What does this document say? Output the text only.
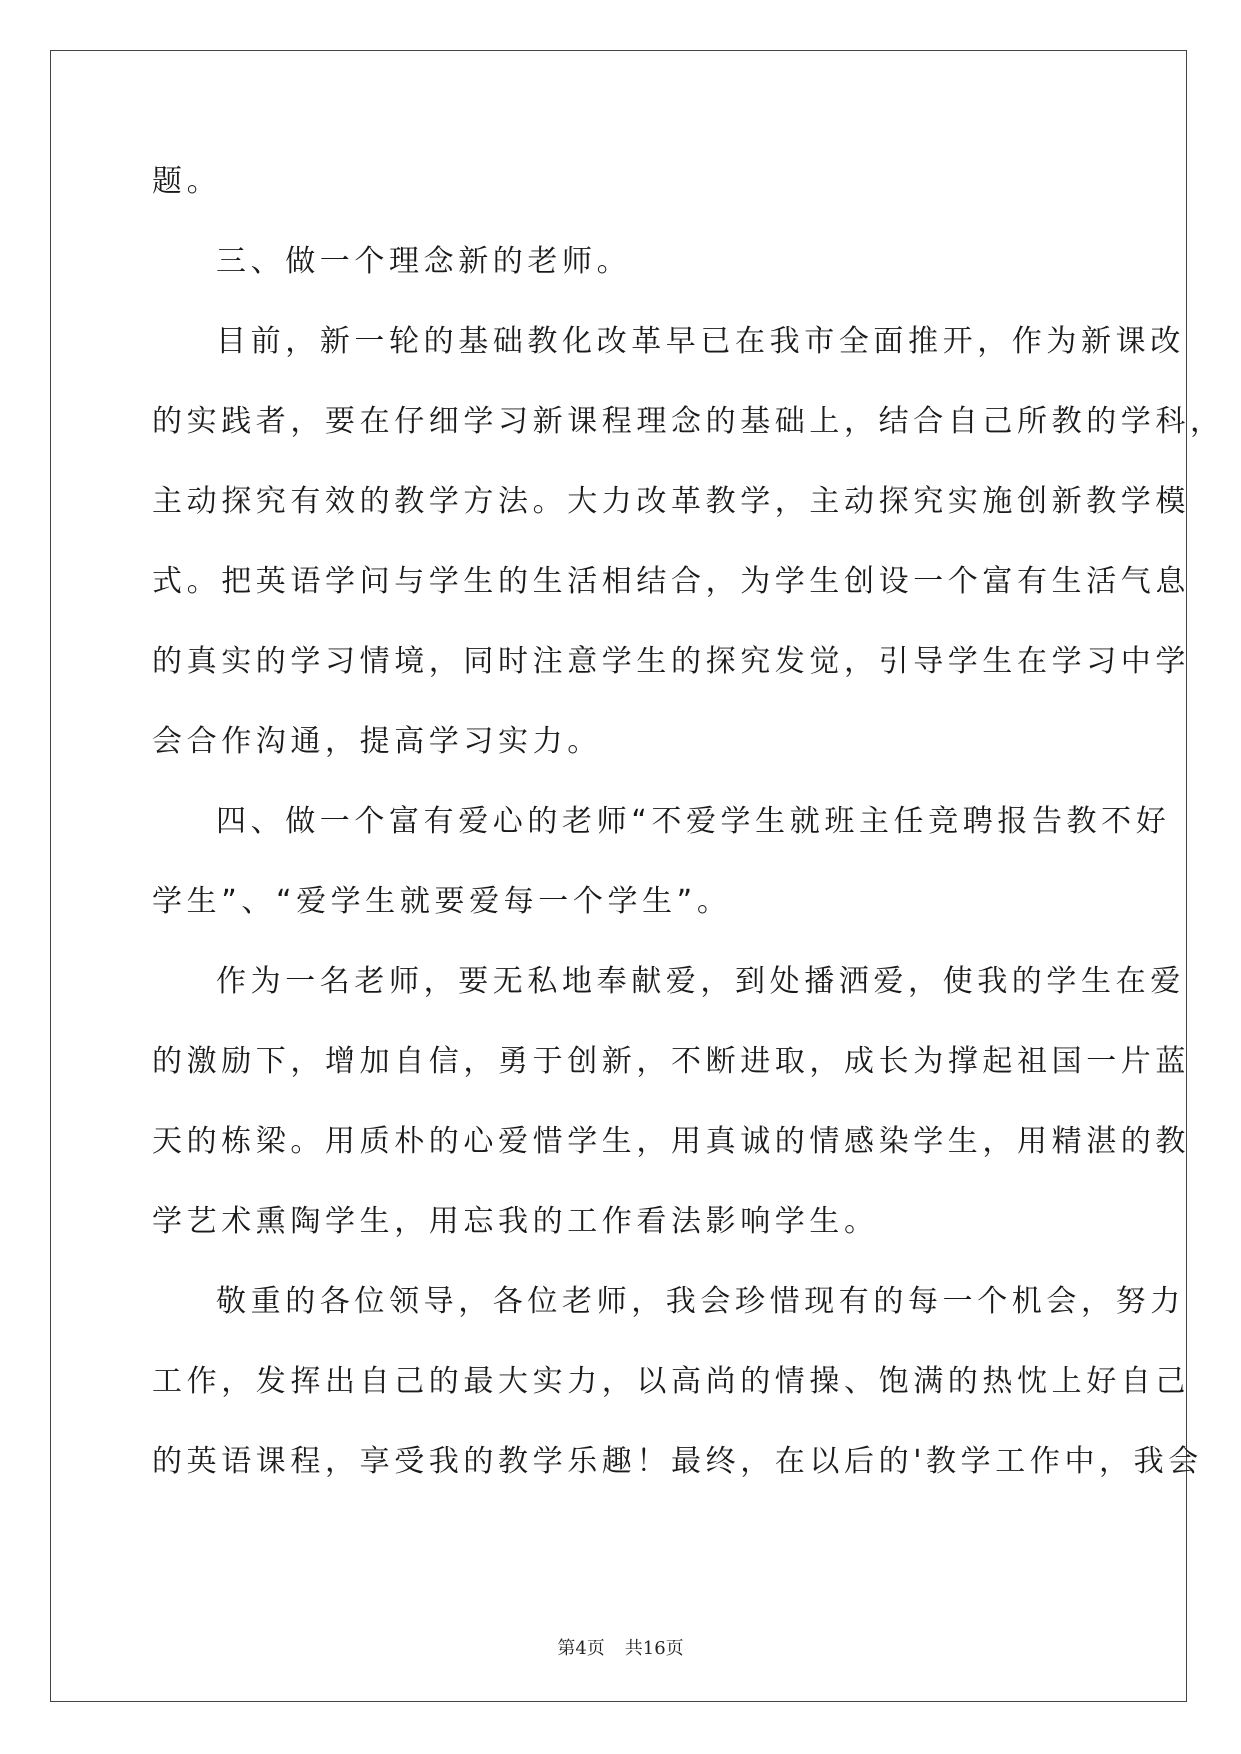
题。
三、做一个理念新的老师。
目前，新一轮的基础教化改革早已在我市全面推开，作为新课改
的实践者，要在仔细学习新课程理念的基础上，结合自己所教的学科，
主动探究有效的教学方法。大力改革教学，主动探究实施创新教学模
式。把英语学问与学生的生活相结合，为学生创设一个富有生活气息
的真实的学习情境，同时注意学生的探究发觉，引导学生在学习中学
会合作沟通，提高学习实力。
四、做一个富有爱心的老师“不爱学生就班主任竞聘报告教不好
学生”、“爱学生就要爱每一个学生”。
作为一名老师，要无私地奉献爱，到处播洒爱，使我的学生在爱
的激励下，增加自信，勇于创新，不断进取，成长为撑起祖国一片蓝
天的栋梁。用质朴的心爱惜学生，用真诚的情感染学生，用精湛的教
学艺术熏陶学生，用忘我的工作看法影响学生。
敬重的各位领导，各位老师，我会珍惜现有的每一个机会，努力
工作，发挥出自己的最大实力，以高尚的情操、饱满的热忱上好自己
的英语课程，享受我的教学乐趣！最终，在以后的'教学工作中，我会
第4页 共16页
